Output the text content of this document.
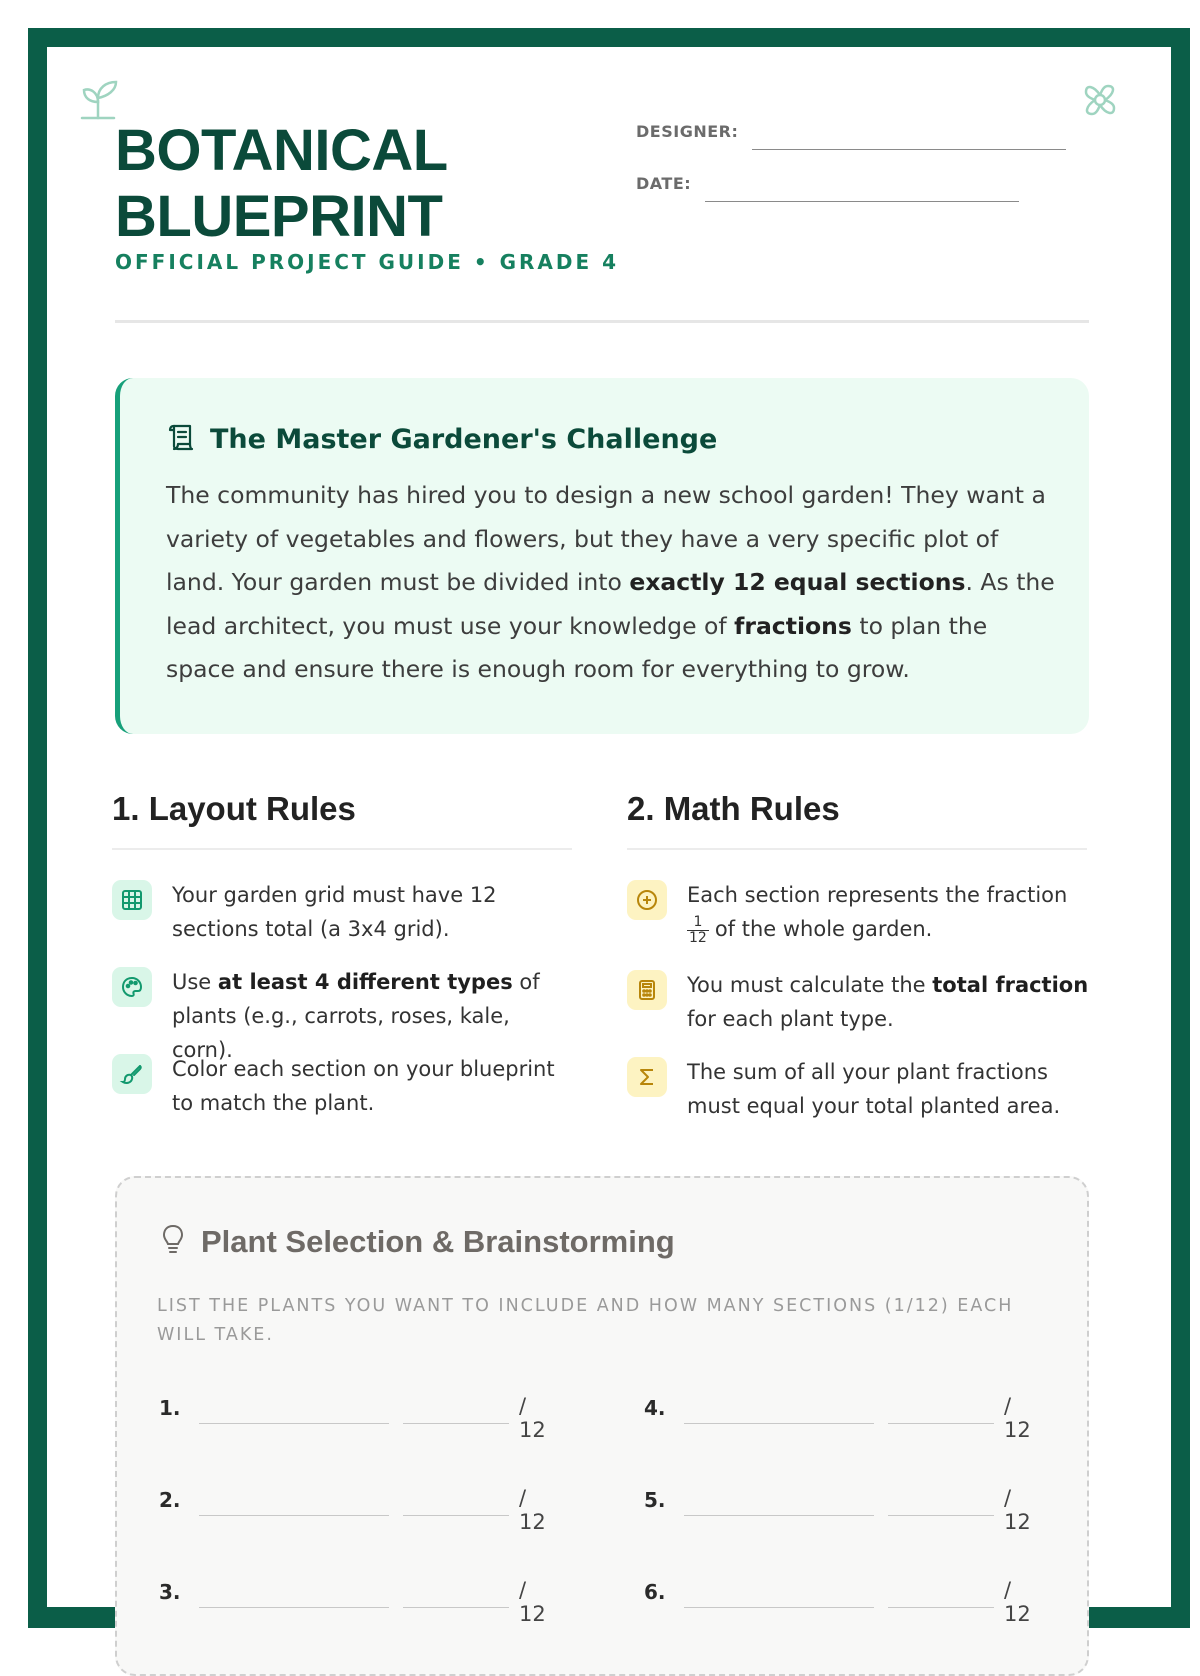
BOTANICAL
BLUEPRINT
OFFICIAL PROJECT GUIDE • GRADE 4
DESIGNER:
DATE:
The Master Gardener's Challenge
The community has hired you to design a new school garden! They want a variety of vegetables and flowers, but they have a very specific plot of land. Your garden must be divided into exactly 12 equal sections. As the lead architect, you must use your knowledge of fractions to plan the space and ensure there is enough room for everything to grow.
1. Layout Rules
Your garden grid must have 12 sections total (a 3x4 grid).
Use at least 4 different types of plants (e.g., carrots, roses, kale, corn).
Color each section on your blueprint to match the plant.
2. Math Rules
Each section represents the fraction

$\frac{1}{12}$ of the whole garden.
You must calculate the total fraction for each plant type.
The sum of all your plant fractions must equal your total planted area.
Plant Selection & Brainstorming
LIST THE PLANTS YOU WANT TO INCLUDE AND HOW MANY SECTIONS (1/12) EACH WILL TAKE.
1.	/ 12
2.	/ 12
3.	/ 12
4.	/ 12
5.	/ 12
6.	/ 12
